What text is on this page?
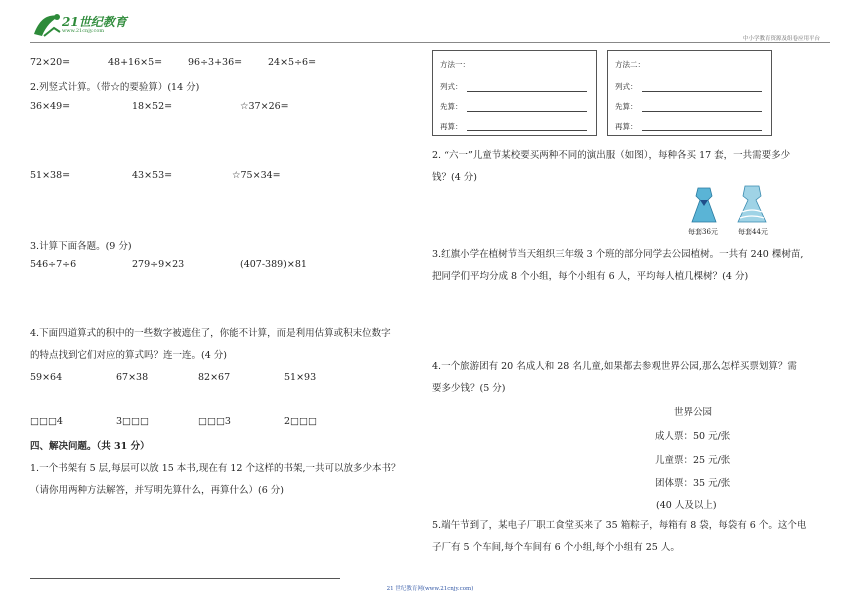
21世纪教育
www.21cnjy.com
中小学教育资源及组卷应用平台
72×20=	48+16×5=	96÷3+36=	24×5÷6=
2.列竖式计算。（带☆的要验算）(14 分)
36×49=	18×52=	☆37×26=
51×38=	43×53=	☆75×34=
3.计算下面各题。(9 分)
546÷7÷6	279÷9×23	(407-389)×81
4.下面四道算式的积中的一些数字被遮住了，你能不计算，而是利用估算或积末位数字
的特点找到它们对应的算式吗？连一连。(4 分)
59×64	67×38	82×67	51×93
□□□4	3□□□	□□□3	2□□□
四、解决问题。（共 31 分）
1.一个书架有 5 层,每层可以放 15 本书,现在有 12 个这样的书架,一共可以放多少本书？
（请你用两种方法解答，并写明先算什么，再算什么）(6 分)
方法一：
列式：
先算：
再算：
方法二：
列式：
先算：
再算：
2. “六一”儿童节某校要买两种不同的演出服（如图），每种各买 17 套，一共需要多少
钱？(4 分)
每套36元	每套44元
3.红旗小学在植树节当天组织三年级 3 个班的部分同学去公园植树。一共有 240 棵树苗,
把同学们平均分成 8 个小组，每个小组有 6 人，平均每人植几棵树？(4 分)
4.一个旅游团有 20 名成人和 28 名儿童,如果都去参观世界公园,那么怎样买票划算？需
要多少钱？(5 分)
世界公园
成人票：50 元/张
儿童票：25 元/张
团体票：35 元/张
(40 人及以上)
5.端午节到了，某电子厂职工食堂买来了 35 箱粽子，每箱有 8 袋，每袋有 6 个。这个电
子厂有 5 个车间,每个车间有 6 个小组,每个小组有 25 人。
21 世纪教育网(www.21cnjy.com)
